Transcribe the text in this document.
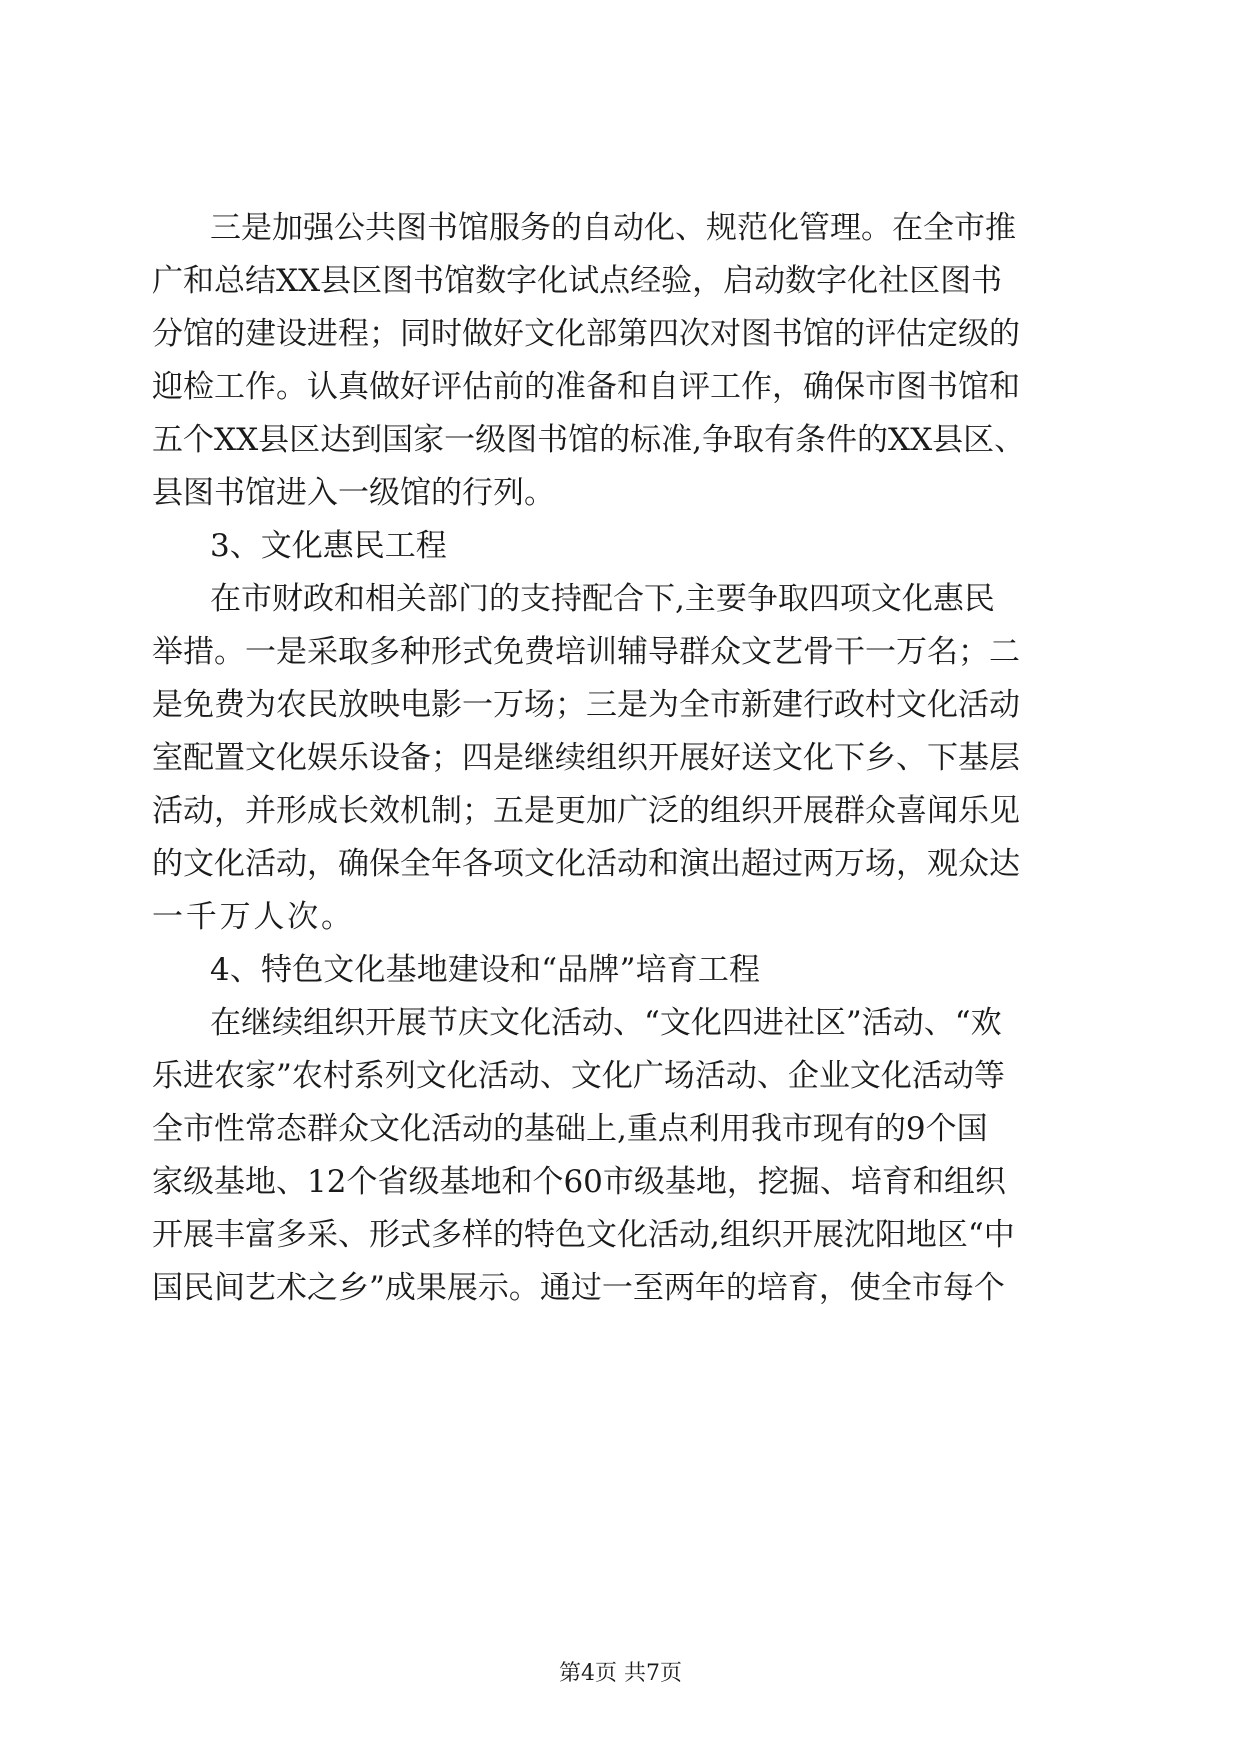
三 是 加 强 公 共 图 书 馆 服 务 的 自 动 化 、 规 范 化 管 理 。 在 全 市 推

广 和 总 结 XX 县 区 图 书 馆 数 字 化 试 点 经 验 ， 启 动 数 字 化 社 区 图 书

分 馆 的 建 设 进 程 ； 同 时 做 好 文 化 部 第 四 次 对 图 书 馆 的 评 估 定 级 的

迎 检 工 作 。 认 真 做 好 评 估 前 的 准 备 和 自 评 工 作 ， 确 保 市 图 书 馆 和

五 个 XX 县 区 达 到 国 家 一 级 图 书 馆 的 标 准 , 争 取 有 条 件 的 XX 县 区 、

县 图 书 馆 进 入 一 级 馆 的 行 列 。

3 、 文 化 惠 民 工 程

在 市 财 政 和 相 关 部 门 的 支 持 配 合 下 , 主 要 争 取 四 项 文 化 惠 民

举 措 。 一 是 采 取 多 种 形 式 免 费 培 训 辅 导 群 众 文 艺 骨 干 一 万 名 ； 二

是 免 费 为 农 民 放 映 电 影 一 万 场 ； 三 是 为 全 市 新 建 行 政 村 文 化 活 动

室 配 置 文 化 娱 乐 设 备 ； 四 是 继 续 组 织 开 展 好 送 文 化 下 乡 、 下 基 层

活 动 ， 并 形 成 长 效 机 制 ； 五 是 更 加 广 泛 的 组 织 开 展 群 众 喜 闻 乐 见

的 文 化 活 动 ， 确 保 全 年 各 项 文 化 活 动 和 演 出 超 过 两 万 场 ， 观 众 达

一 千 万 人 次 。

4 、 特 色 文 化 基 地 建 设 和 “ 品 牌 ” 培 育 工 程

在 继 续 组 织 开 展 节 庆 文 化 活 动 、 “ 文 化 四 进 社 区 ” 活 动 、 “ 欢

乐 进 农 家 ” 农 村 系 列 文 化 活 动 、 文 化 广 场 活 动 、 企 业 文 化 活 动 等

全 市 性 常 态 群 众 文 化 活 动 的 基 础 上 , 重 点 利 用 我 市 现 有 的 9 个 国

家 级 基 地 、 12 个 省 级 基 地 和 个 60 市 级 基 地 ， 挖 掘 、 培 育 和 组 织

开 展 丰 富 多 采 、 形 式 多 样 的 特 色 文 化 活 动 , 组 织 开 展 沈 阳 地 区 “ 中

国 民 间 艺 术 之 乡 ” 成 果 展 示 。 通 过 一 至 两 年 的 培 育 ， 使 全 市 每 个

第4页 共7页
